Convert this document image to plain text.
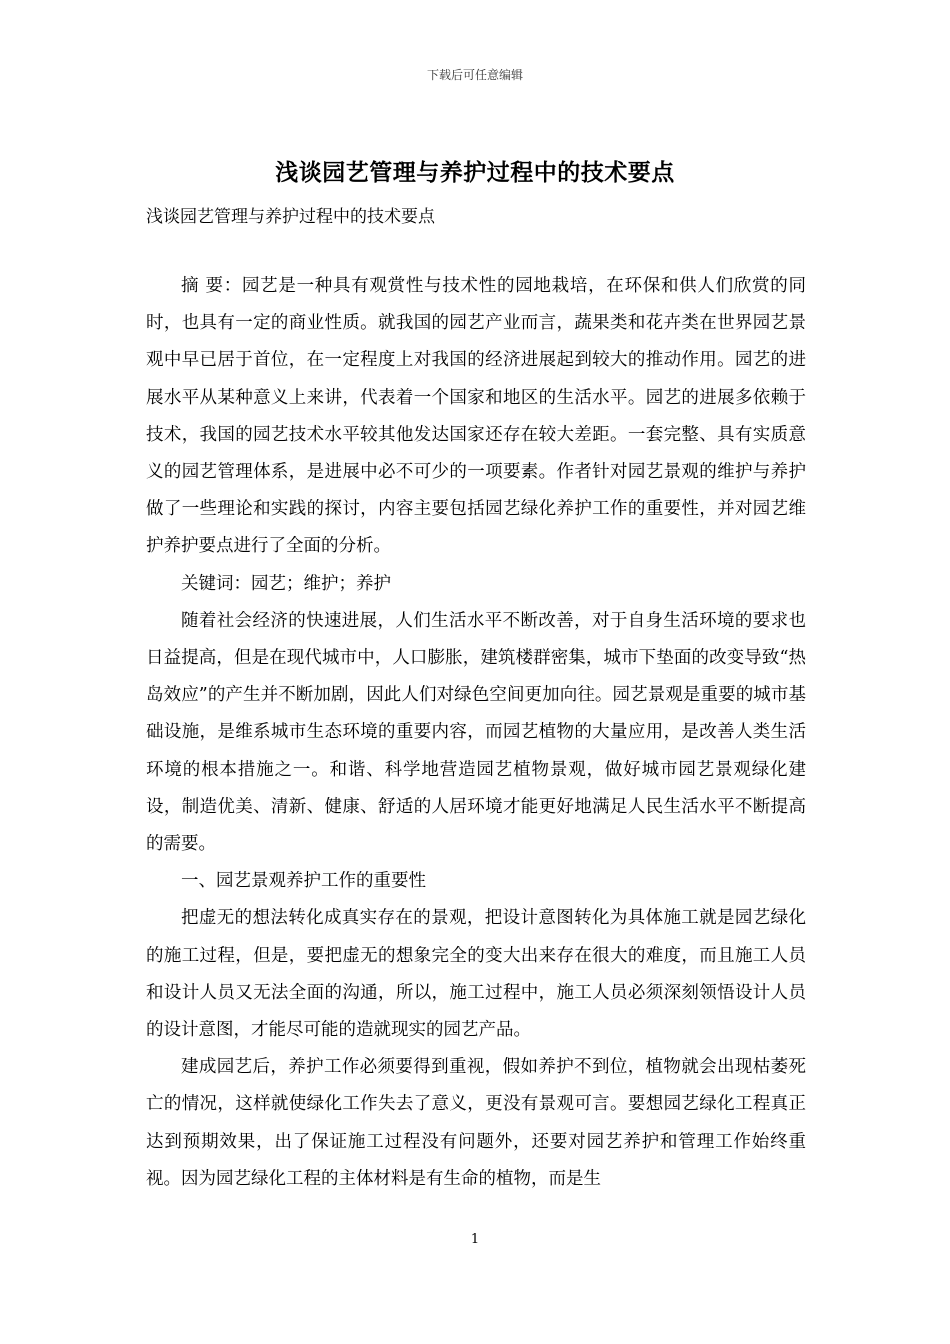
下载后可任意编辑
浅谈园艺管理与养护过程中的技术要点
浅谈园艺管理与养护过程中的技术要点

摘 要：园艺是一种具有观赏性与技术性的园地栽培，在环保和供人们欣赏的同时，也具有一定的商业性质。就我国的园艺产业而言，蔬果类和花卉类在世界园艺景观中早已居于首位，在一定程度上对我国的经济进展起到较大的推动作用。园艺的进展水平从某种意义上来讲，代表着一个国家和地区的生活水平。园艺的进展多依赖于技术，我国的园艺技术水平较其他发达国家还存在较大差距。一套完整、具有实质意义的园艺管理体系，是进展中必不可少的一项要素。作者针对园艺景观的维护与养护做了一些理论和实践的探讨，内容主要包括园艺绿化养护工作的重要性，并对园艺维护养护要点进行了全面的分析。

关键词：园艺；维护；养护

随着社会经济的快速进展，人们生活水平不断改善，对于自身生活环境的要求也日益提高，但是在现代城市中，人口膨胀，建筑楼群密集，城市下垫面的改变导致“热岛效应”的产生并不断加剧，因此人们对绿色空间更加向往。园艺景观是重要的城市基础设施，是维系城市生态环境的重要内容，而园艺植物的大量应用，是改善人类生活环境的根本措施之一。和谐、科学地营造园艺植物景观，做好城市园艺景观绿化建设，制造优美、清新、健康、舒适的人居环境才能更好地满足人民生活水平不断提高的需要。

一、园艺景观养护工作的重要性

把虚无的想法转化成真实存在的景观，把设计意图转化为具体施工就是园艺绿化的施工过程，但是，要把虚无的想象完全的变大出来存在很大的难度，而且施工人员和设计人员又无法全面的沟通，所以，施工过程中，施工人员必须深刻领悟设计人员的设计意图，才能尽可能的造就现实的园艺产品。

建成园艺后，养护工作必须要得到重视，假如养护不到位，植物就会出现枯萎死亡的情况，这样就使绿化工作失去了意义，更没有景观可言。要想园艺绿化工程真正达到预期效果，出了保证施工过程没有问题外，还要对园艺养护和管理工作始终重视。因为园艺绿化工程的主体材料是有生命的植物，而是生

1
